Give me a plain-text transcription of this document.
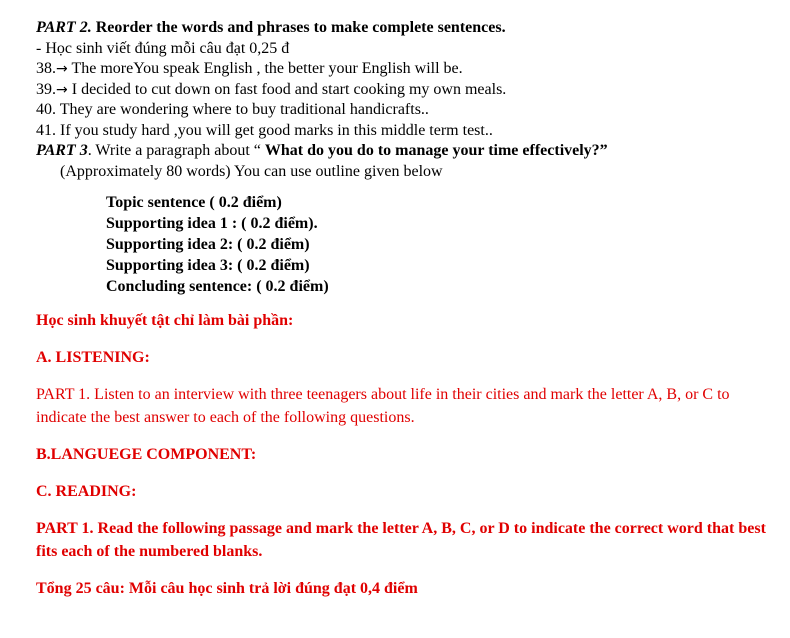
PART 2. Reorder the words and phrases to make complete sentences.
- Học sinh viết đúng mỗi câu đạt 0,25 đ
38.→ The moreYou speak English , the better your English will be.
39.→ I decided to cut down on fast food and start cooking my own meals.
40. They are wondering where to buy traditional handicrafts..
41. If you study hard ,you will get good marks in this middle term test..
PART 3. Write a paragraph about “ What do you do to manage your time effectively?”
(Approximately 80 words) You can use outline given below
Topic sentence ( 0.2 điểm)
Supporting idea 1 : ( 0.2 điểm).
Supporting idea 2: ( 0.2 điểm)
Supporting idea 3: ( 0.2 điểm)
Concluding sentence: ( 0.2 điểm)
Học sinh khuyết tật chỉ làm bài phần:
A. LISTENING:
PART 1. Listen to an interview with three teenagers about life in their cities and mark the letter A, B, or C to indicate the best answer to each of the following questions.
B.LANGUEGE COMPONENT:
C. READING:
PART 1. Read the following passage and mark the letter A, B, C, or D to indicate the correct word that best fits each of the numbered blanks.
Tổng 25 câu: Mỗi câu học sinh trả lời đúng đạt 0,4 điểm
